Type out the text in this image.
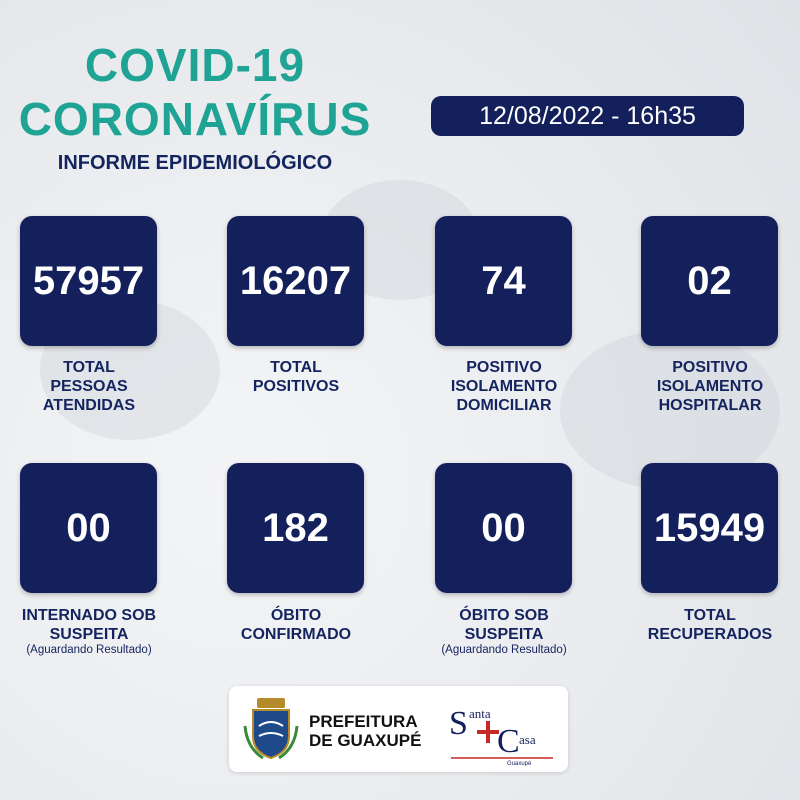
COVID-19
CORONAVÍRUS
INFORME EPIDEMIOLÓGICO
12/08/2022 - 16h35
57957
TOTAL
PESSOAS
ATENDIDAS
16207
TOTAL
POSITIVOS
74
POSITIVO
ISOLAMENTO
DOMICILIAR
02
POSITIVO
ISOLAMENTO
HOSPITALAR
00
INTERNADO SOB
SUSPEITA
(Aguardando Resultado)
182
ÓBITO
CONFIRMADO
00
ÓBITO SOB
SUSPEITA
(Aguardando Resultado)
15949
TOTAL
RECUPERADOS
PREFEITURA
DE GUAXUPÉ S anta
C asa
Guaxupé
